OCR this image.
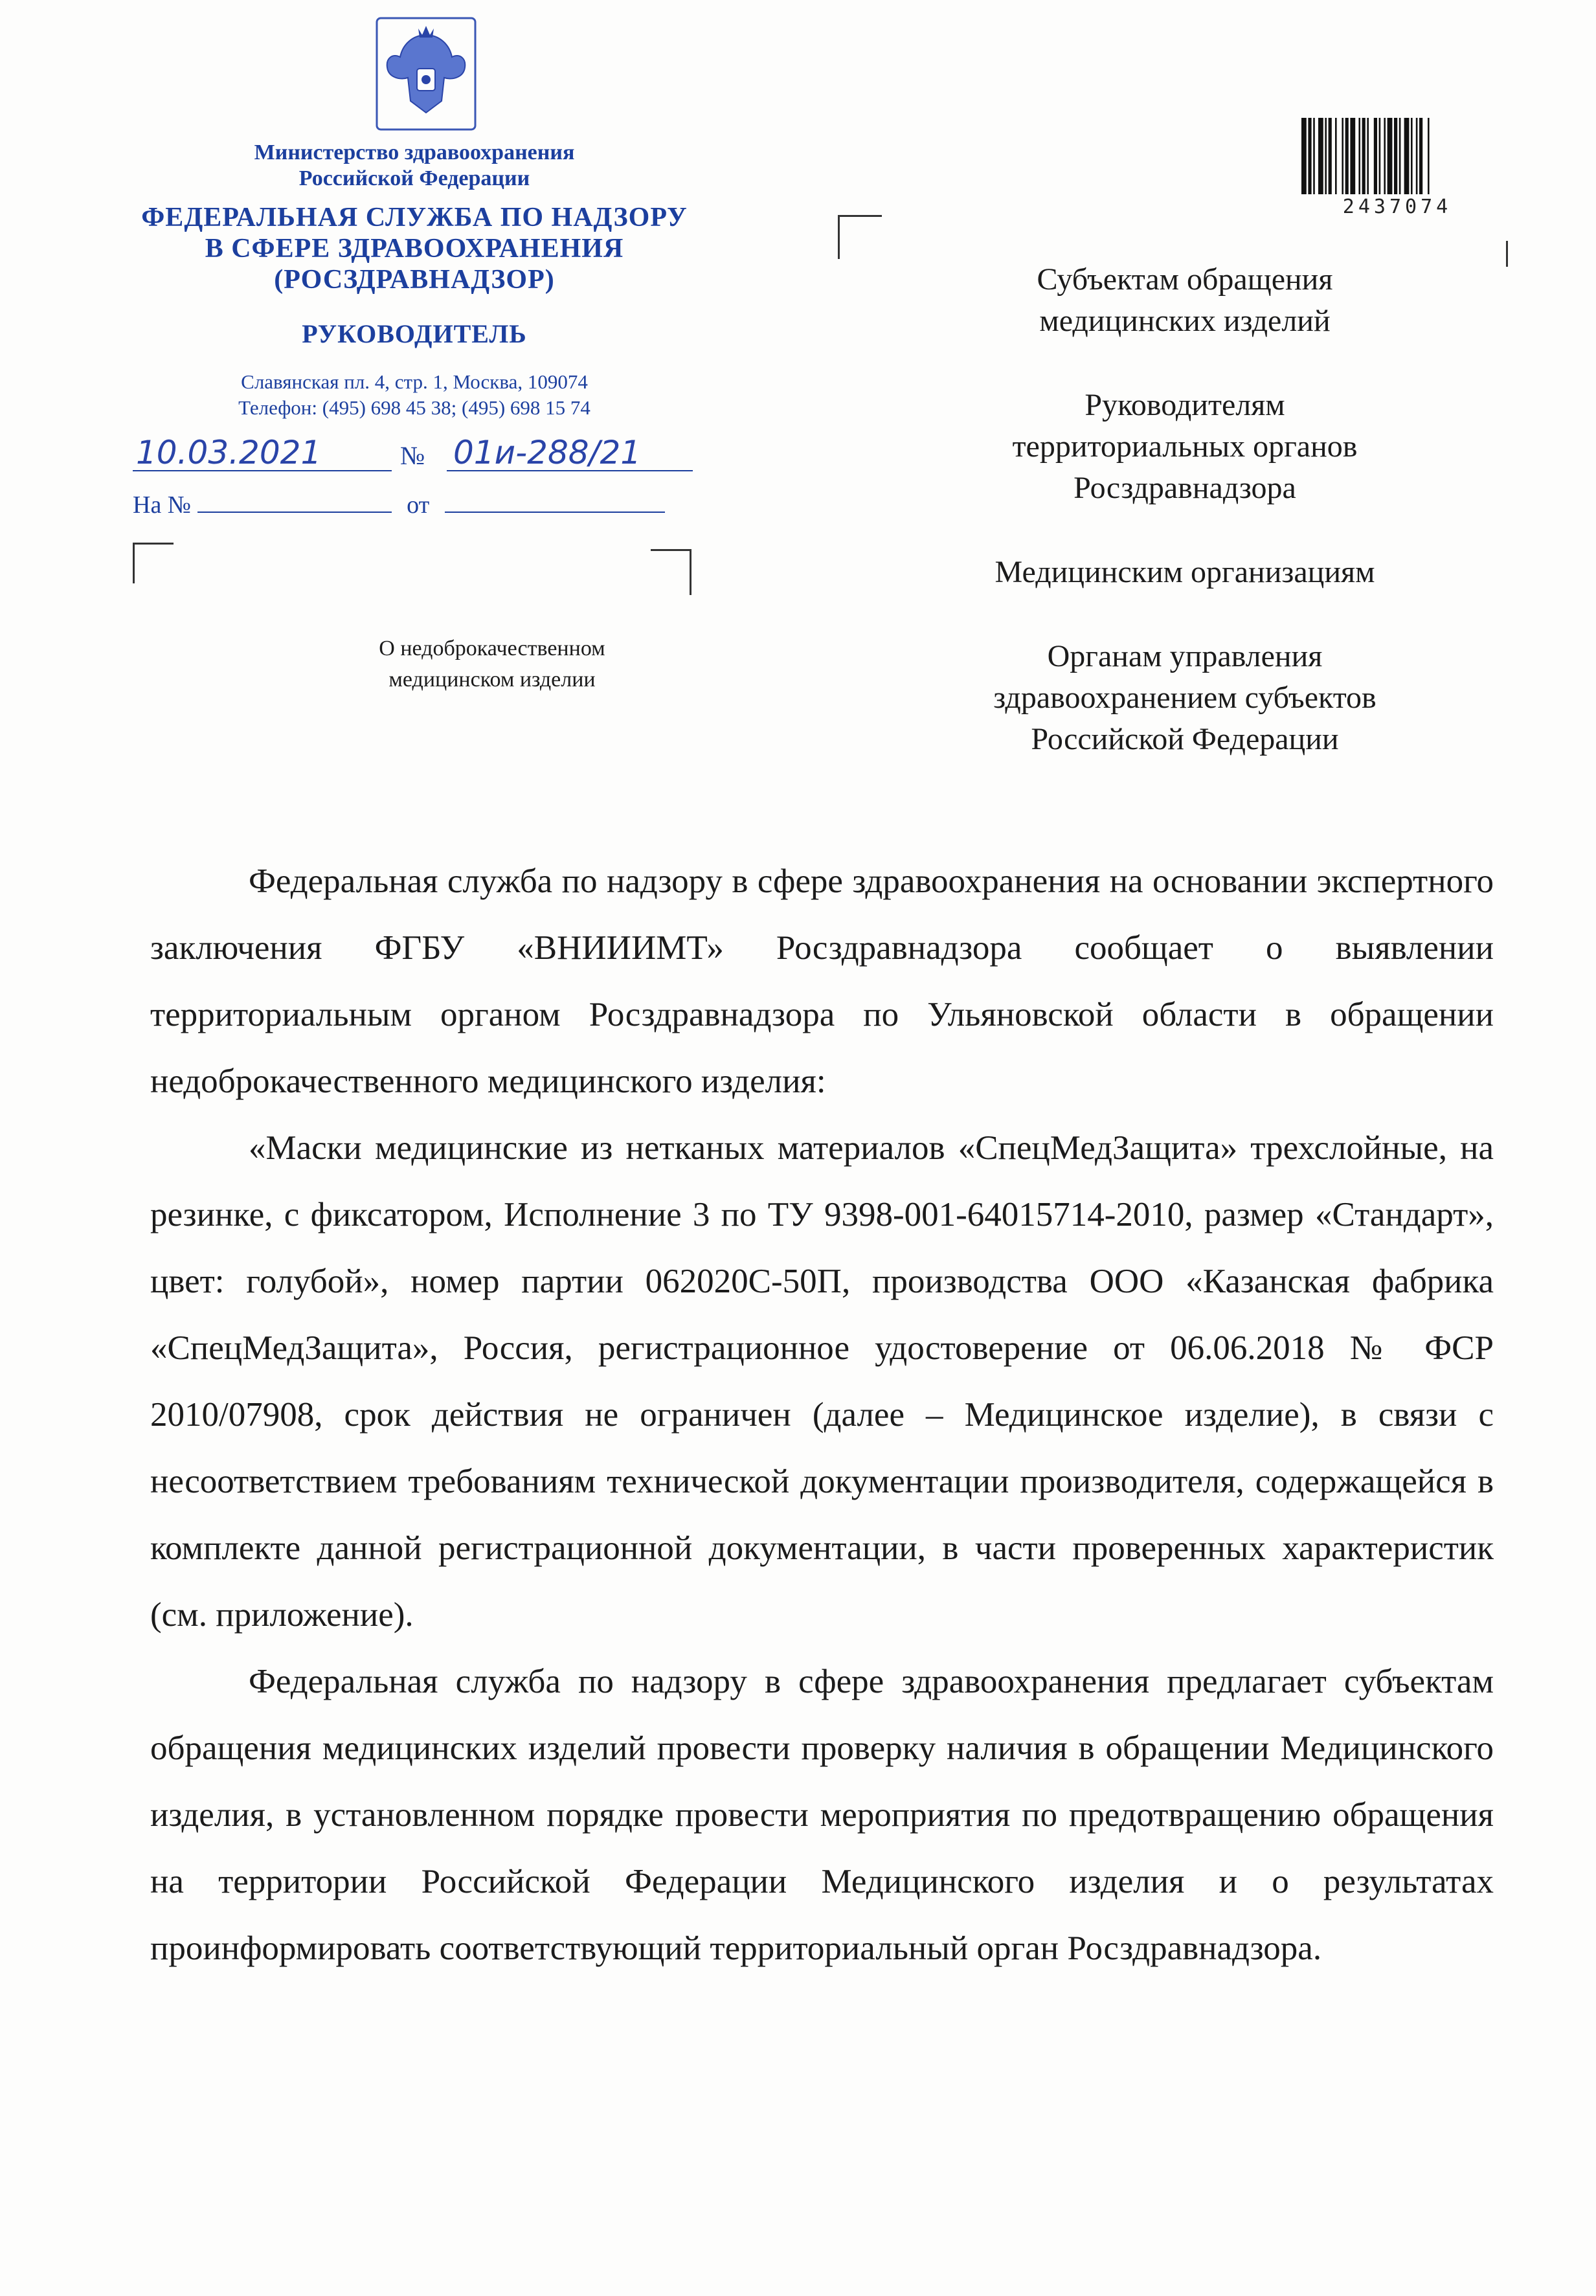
Министерство здравоохранения Российской Федерации
ФЕДЕРАЛЬНАЯ СЛУЖБА ПО НАДЗОРУ
В СФЕРЕ ЗДРАВООХРАНЕНИЯ
(РОСЗДРАВНАДЗОР)
РУКОВОДИТЕЛЬ
Славянская пл. 4, стр. 1, Москва, 109074
Телефон: (495) 698 45 38; (495) 698 15 74
10.03.2021	№ 01и-288/21
На №	от
О недоброкачественном
медицинском изделии
2437074
Субъектам обращения медицинских изделий
Руководителям территориальных органов Росздравнадзора
Медицинским организациям
Органам управления здравоохранением субъектов Российской Федерации

Федеральная служба по надзору в сфере здравоохранения на основании экспертного заключения ФГБУ «ВНИИИМТ» Росздравнадзора сообщает о выявлении территориальным органом Росздравнадзора по Ульяновской области в обращении недоброкачественного медицинского изделия:

«Маски медицинские из нетканых материалов «СпецМедЗащита» трехслойные, на резинке, с фиксатором, Исполнение 3 по ТУ 9398-001-64015714-2010, размер «Стандарт», цвет: голубой», номер партии 062020С-50П, производства ООО «Казанская фабрика «СпецМедЗащита», Россия, регистрационное удостоверение от 06.06.2018 № ФСР 2010/07908, срок действия не ограничен (далее – Медицинское изделие), в связи с несоответствием требованиям технической документации производителя, содержащейся в комплекте данной регистрационной документации, в части проверенных характеристик (см. приложение).

Федеральная служба по надзору в сфере здравоохранения предлагает субъектам обращения медицинских изделий провести проверку наличия в обращении Медицинского изделия, в установленном порядке провести мероприятия по предотвращению обращения на территории Российской Федерации Медицинского изделия и о результатах проинформировать соответствующий территориальный орган Росздравнадзора.
